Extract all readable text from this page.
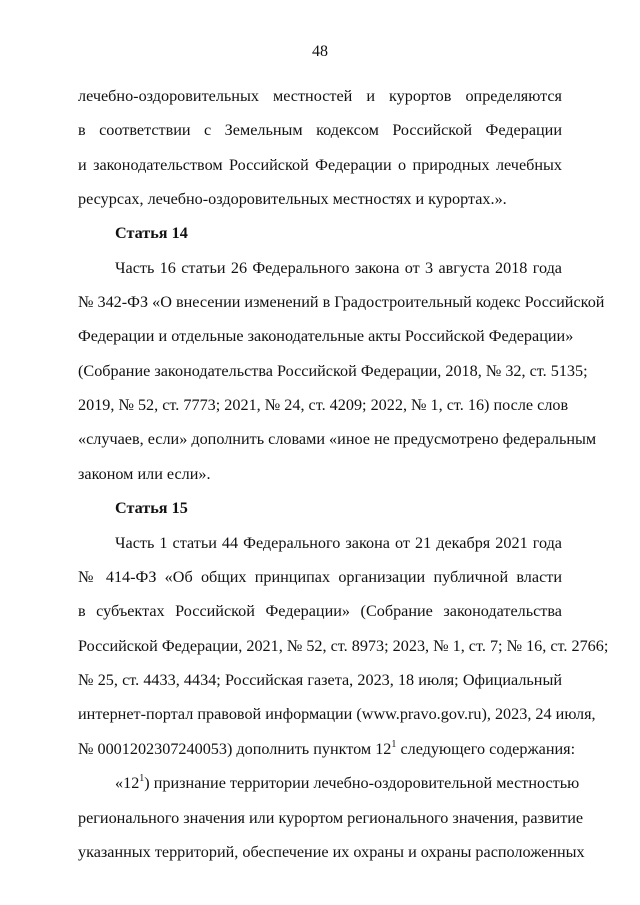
48
лечебно-оздоровительных местностей и курортов определяются
в соответствии с Земельным кодексом Российской Федерации
и законодательством Российской Федерации о природных лечебных
ресурсах, лечебно-оздоровительных местностях и курортах.».
Статья 14
Часть 16 статьи 26 Федерального закона от 3 августа 2018 года
№ 342-ФЗ «О внесении изменений в Градостроительный кодекс Российской
Федерации и отдельные законодательные акты Российской Федерации»
(Собрание законодательства Российской Федерации, 2018, № 32, ст. 5135;
2019, № 52, ст. 7773; 2021, № 24, ст. 4209; 2022, № 1, ст. 16) после слов
«случаев, если» дополнить словами «иное не предусмотрено федеральным
законом или если».
Статья 15
Часть 1 статьи 44 Федерального закона от 21 декабря 2021 года
№ 414-ФЗ «Об общих принципах организации публичной власти
в субъектах Российской Федерации» (Собрание законодательства
Российской Федерации, 2021, № 52, ст. 8973; 2023, № 1, ст. 7; № 16, ст. 2766;
№ 25, ст. 4433, 4434; Российская газета, 2023, 18 июля; Официальный
интернет-портал правовой информации (www.pravo.gov.ru), 2023, 24 июля,
№ 0001202307240053) дополнить пунктом $12^1$ следующего содержания:
«$12^1$) признание территории лечебно-оздоровительной местностью
регионального значения или курортом регионального значения, развитие
указанных территорий, обеспечение их охраны и охраны расположенных
